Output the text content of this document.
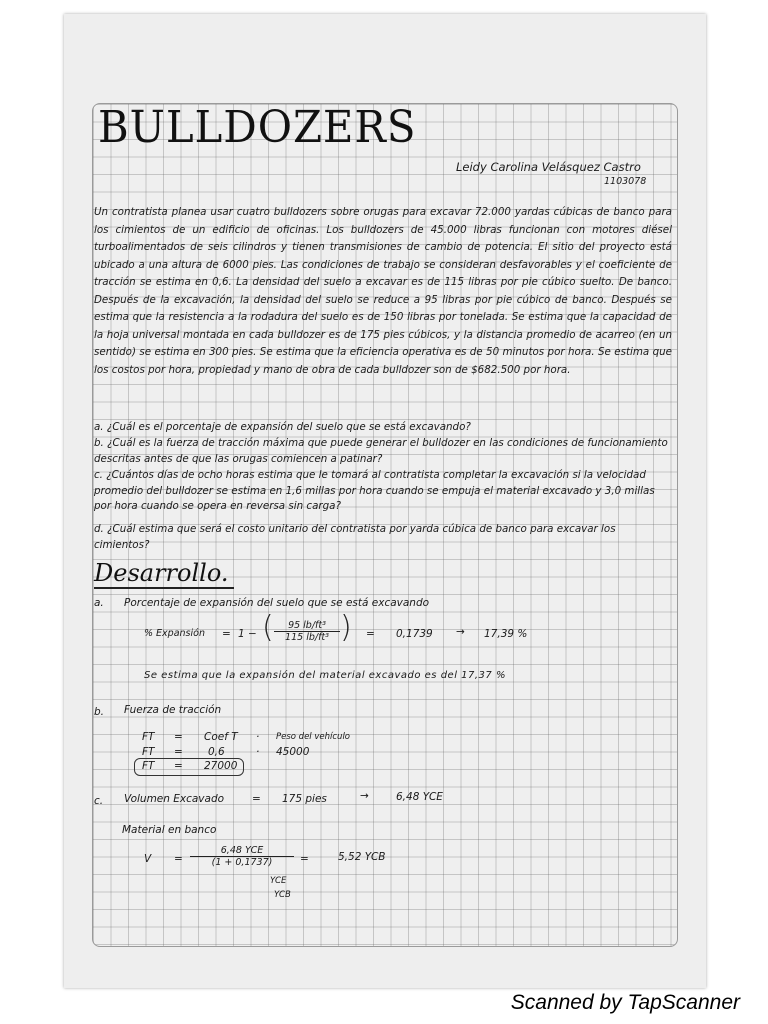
BULLDOZERS
Leidy Carolina Velásquez Castro
1103078
Un contratista planea usar cuatro bulldozers sobre orugas para excavar 72.000 yardas cúbicas de banco para los cimientos de un edificio de oficinas. Los bulldozers de 45.000 libras funcionan con motores diésel turboalimentados de seis cilindros y tienen transmisiones de cambio de potencia. El sitio del proyecto está ubicado a una altura de 6000 pies. Las condiciones de trabajo se consideran desfavorables y el coeficiente de tracción se estima en 0,6. La densidad del suelo a excavar es de 115 libras por pie cúbico suelto. De banco. Después de la excavación, la densidad del suelo se reduce a 95 libras por pie cúbico de banco. Después se estima que la resistencia a la rodadura del suelo es de 150 libras por tonelada. Se estima que la capacidad de la hoja universal montada en cada bulldozer es de 175 pies cúbicos, y la distancia promedio de acarreo (en un sentido) se estima en 300 pies. Se estima que la eficiencia operativa es de 50 minutos por hora. Se estima que los costos por hora, propiedad y mano de obra de cada bulldozer son de $682.500 por hora.
a. ¿Cuál es el porcentaje de expansión del suelo que se está excavando?
b. ¿Cuál es la fuerza de tracción máxima que puede generar el bulldozer en las condiciones de funcionamiento descritas antes de que las orugas comiencen a patinar?
c. ¿Cuántos días de ocho horas estima que le tomará al contratista completar la excavación si la velocidad promedio del bulldozer se estima en 1,6 millas por hora cuando se empuja el material excavado y 3,0 millas por hora cuando se opera en reversa sin carga?
d. ¿Cuál estima que será el costo unitario del contratista por yarda cúbica de banco para excavar los cimientos?
Desarrollo.
a. Porcentaje de expansión del suelo que se está excavando
% Expansión = 1 − ( $\frac{\text{95 lb/ft³}}{\text{115 lb/ft³}}$ ) = 0,1739 → 17,39 %
Se estima que la expansión del material excavado es del 17,37 %
b. Fuerza de tracción
FT = Coef T · Peso del vehículo
FT = 0,6	· 45000
FT = 27000
c. Volumen Excavado	= 175 pies	→	6,48 YCE
Material en banco
V =
6,48 YCE
(1 + 0,1737)
YCE
YCB
=	5,52 YCB
Scanned by TapScanner
